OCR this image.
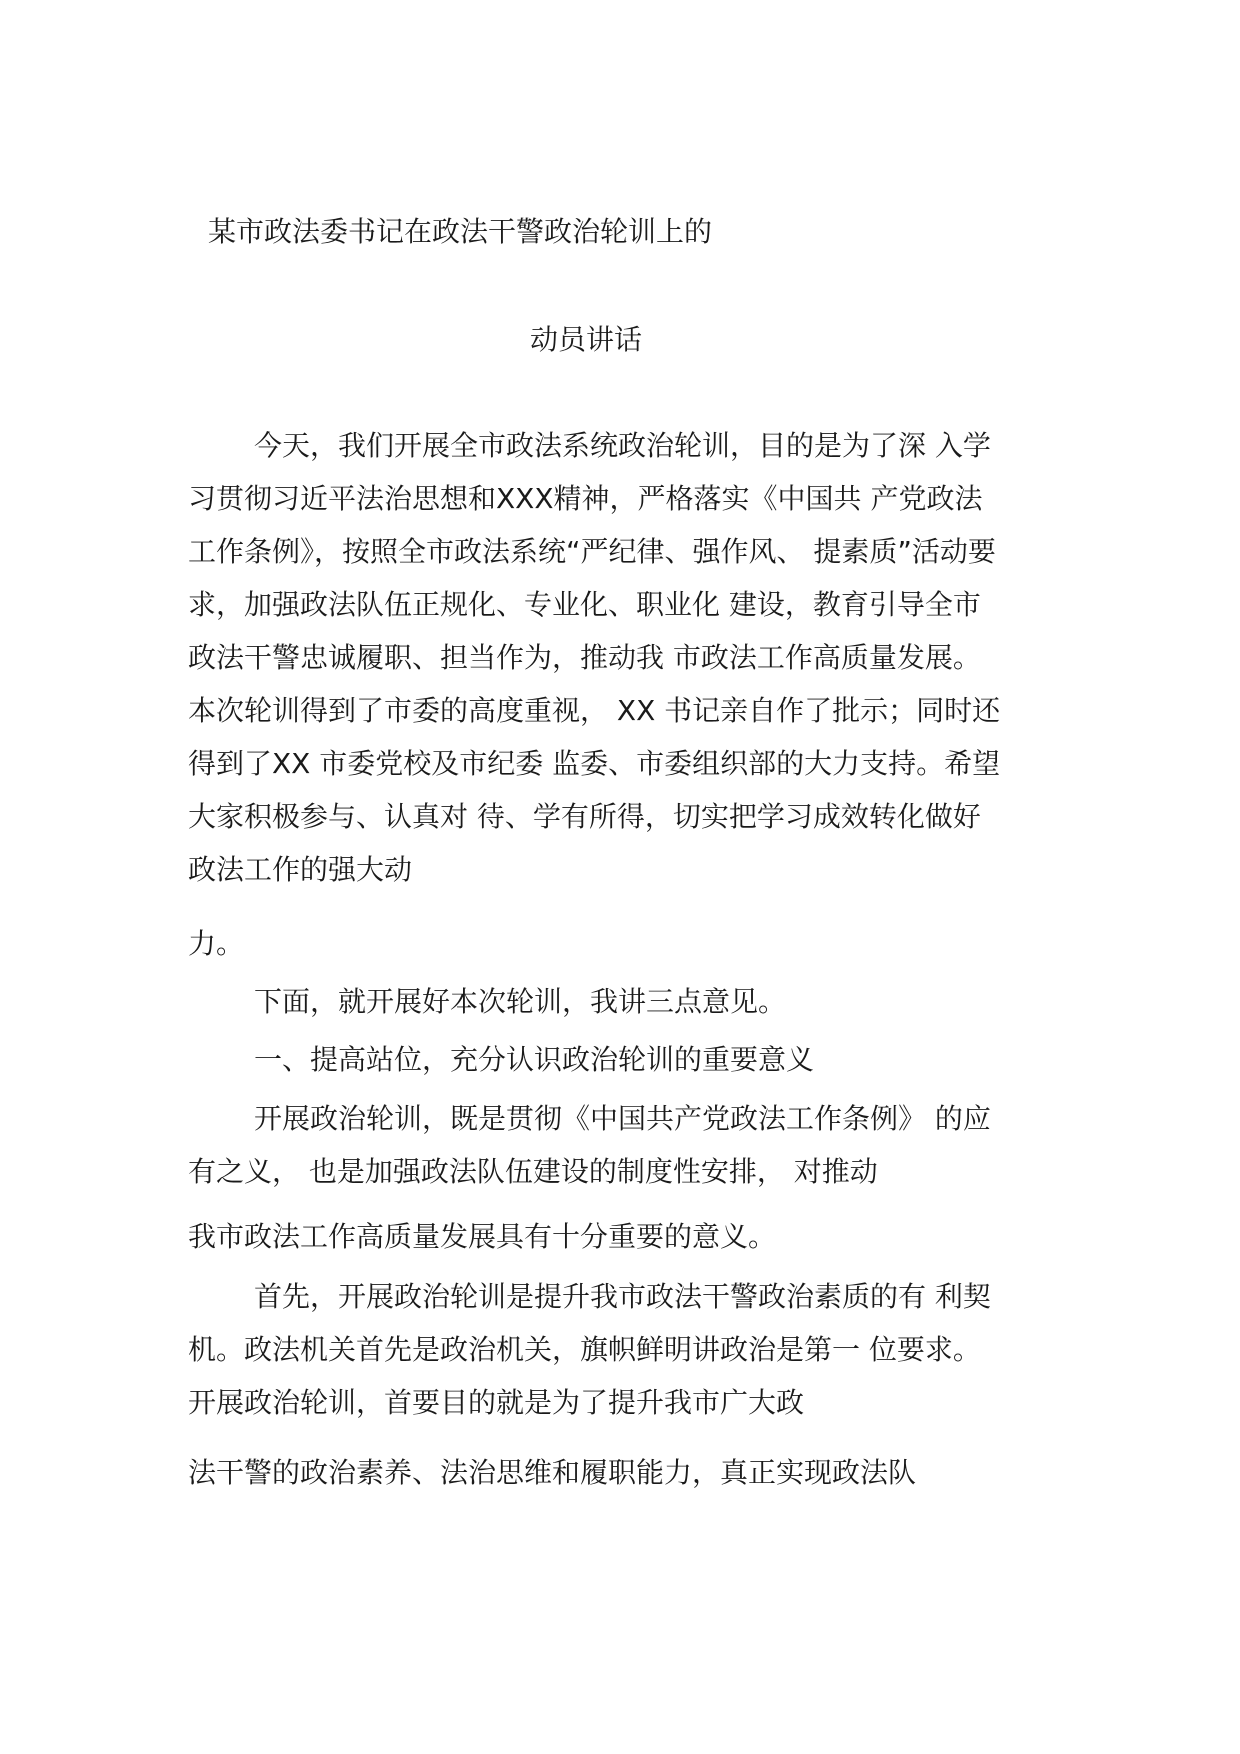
某市政法委书记在政法干警政治轮训上的
动员讲话
今天，我们开展全市政法系统政治轮训，目的是为了深 入学
习贯彻习近平法治思想和XXX精神，严格落实《中国共 产党政法
工作条例》，按照全市政法系统“严纪律、强作风、 提素质”活动要
求，加强政法队伍正规化、专业化、职业化 建设，教育引导全市
政法干警忠诚履职、担当作为，推动我 市政法工作高质量发展。
本次轮训得到了市委的高度重视， XX 书记亲自作了批示；同时还
得到了XX 市委党校及市纪委 监委、市委组织部的大力支持。希望
大家积极参与、认真对 待、学有所得，切实把学习成效转化做好
政法工作的强大动
力。
下面，就开展好本次轮训，我讲三点意见。
一、提高站位，充分认识政治轮训的重要意义
开展政治轮训，既是贯彻《中国共产党政法工作条例》 的应
有之义， 也是加强政法队伍建设的制度性安排， 对推动
我市政法工作高质量发展具有十分重要的意义。
首先，开展政治轮训是提升我市政法干警政治素质的有 利契
机。政法机关首先是政治机关，旗帜鲜明讲政治是第一 位要求。
开展政治轮训，首要目的就是为了提升我市广大政
法干警的政治素养、法治思维和履职能力，真正实现政法队
